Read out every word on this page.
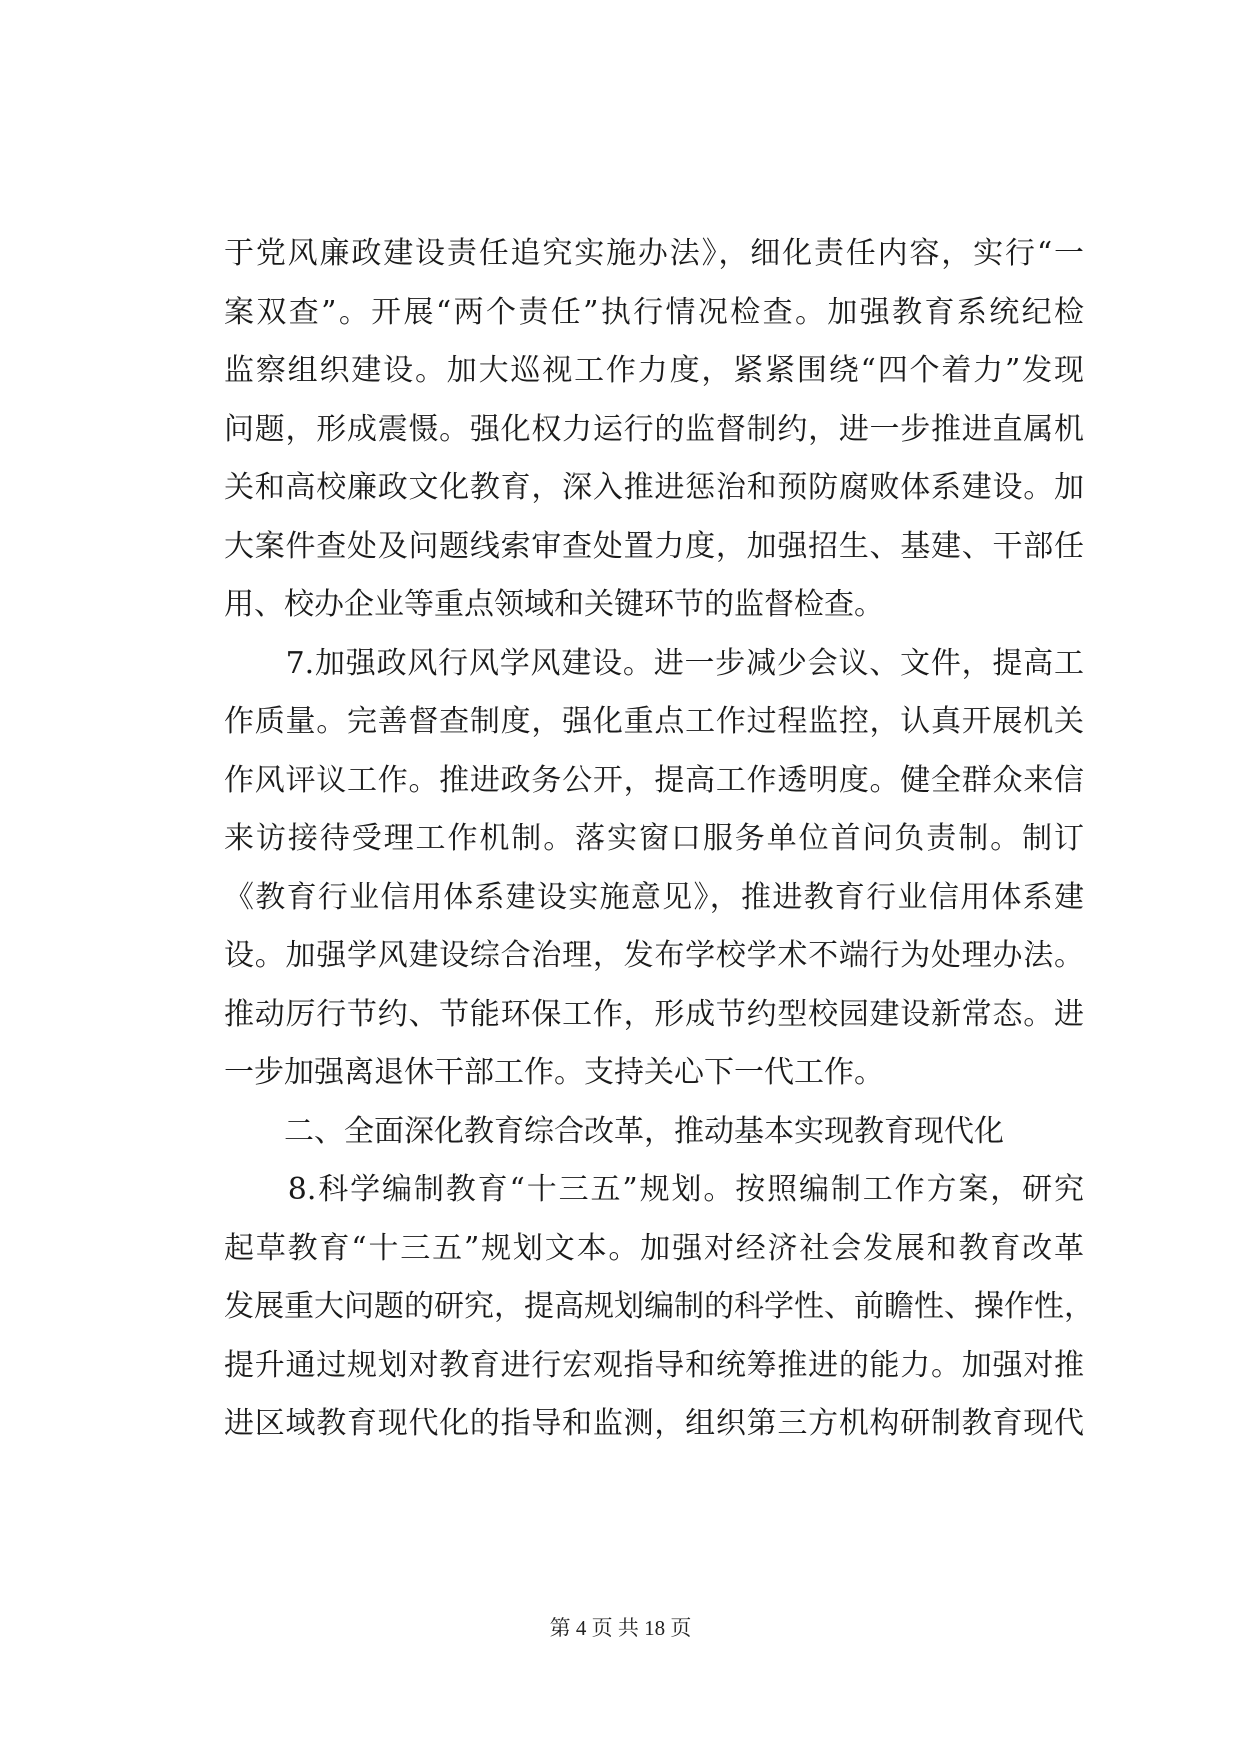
于党风廉政建设责任追究实施办法》，细化责任内容，实行“一
案双查”。开展“两个责任”执行情况检查。加强教育系统纪检
监察组织建设。加大巡视工作力度，紧紧围绕“四个着力”发现
问题，形成震慑。强化权力运行的监督制约，进一步推进直属机
关和高校廉政文化教育，深入推进惩治和预防腐败体系建设。加
大案件查处及问题线索审查处置力度，加强招生、基建、干部任
用、校办企业等重点领域和关键环节的监督检查。
　　7.加强政风行风学风建设。进一步减少会议、文件，提高工
作质量。完善督查制度，强化重点工作过程监控，认真开展机关
作风评议工作。推进政务公开，提高工作透明度。健全群众来信
来访接待受理工作机制。落实窗口服务单位首问负责制。制订
《教育行业信用体系建设实施意见》，推进教育行业信用体系建
设。加强学风建设综合治理，发布学校学术不端行为处理办法。
推动厉行节约、节能环保工作，形成节约型校园建设新常态。进
一步加强离退休干部工作。支持关心下一代工作。
　　二、全面深化教育综合改革，推动基本实现教育现代化
　　8.科学编制教育“十三五”规划。按照编制工作方案，研究
起草教育“十三五”规划文本。加强对经济社会发展和教育改革
发展重大问题的研究，提高规划编制的科学性、前瞻性、操作性，
提升通过规划对教育进行宏观指导和统筹推进的能力。加强对推
进区域教育现代化的指导和监测，组织第三方机构研制教育现代
第 4 页 共 18 页
